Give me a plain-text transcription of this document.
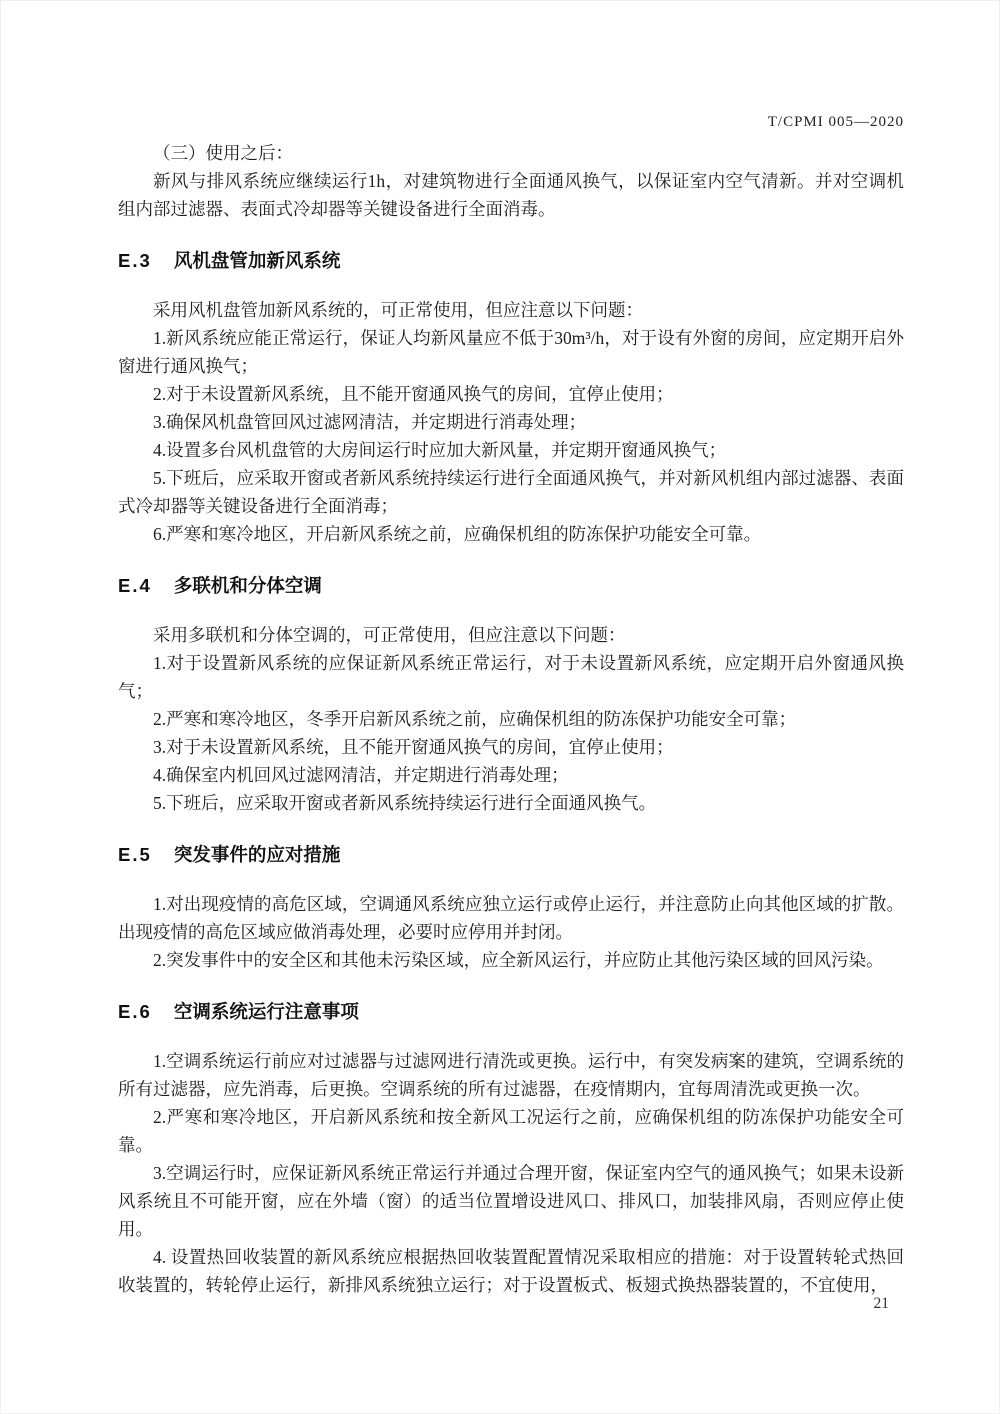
T/CPMI 005—2020

（三）使用之后：

新风与排风系统应继续运行1h，对建筑物进行全面通风换气，以保证室内空气清新。并对空调机组内部过滤器、表面式冷却器等关键设备进行全面消毒。

E.3 风机盘管加新风系统

采用风机盘管加新风系统的，可正常使用，但应注意以下问题：

1.新风系统应能正常运行，保证人均新风量应不低于30m³/h，对于设有外窗的房间，应定期开启外窗进行通风换气；

2.对于未设置新风系统，且不能开窗通风换气的房间，宜停止使用；

3.确保风机盘管回风过滤网清洁，并定期进行消毒处理；

4.设置多台风机盘管的大房间运行时应加大新风量，并定期开窗通风换气；

5.下班后，应采取开窗或者新风系统持续运行进行全面通风换气，并对新风机组内部过滤器、表面式冷却器等关键设备进行全面消毒；

6.严寒和寒冷地区，开启新风系统之前，应确保机组的防冻保护功能安全可靠。

E.4 多联机和分体空调

采用多联机和分体空调的，可正常使用，但应注意以下问题：

1.对于设置新风系统的应保证新风系统正常运行，对于未设置新风系统，应定期开启外窗通风换气；

2.严寒和寒冷地区，冬季开启新风系统之前，应确保机组的防冻保护功能安全可靠；

3.对于未设置新风系统，且不能开窗通风换气的房间，宜停止使用；

4.确保室内机回风过滤网清洁，并定期进行消毒处理；

5.下班后，应采取开窗或者新风系统持续运行进行全面通风换气。

E.5 突发事件的应对措施

1.对出现疫情的高危区域，空调通风系统应独立运行或停止运行，并注意防止向其他区域的扩散。出现疫情的高危区域应做消毒处理，必要时应停用并封闭。

2.突发事件中的安全区和其他未污染区域，应全新风运行，并应防止其他污染区域的回风污染。

E.6 空调系统运行注意事项

1.空调系统运行前应对过滤器与过滤网进行清洗或更换。运行中，有突发病案的建筑，空调系统的所有过滤器，应先消毒，后更换。空调系统的所有过滤器，在疫情期内，宜每周清洗或更换一次。

2.严寒和寒冷地区，开启新风系统和按全新风工况运行之前，应确保机组的防冻保护功能安全可靠。

3.空调运行时，应保证新风系统正常运行并通过合理开窗，保证室内空气的通风换气；如果未设新风系统且不可能开窗，应在外墙（窗）的适当位置增设进风口、排风口，加装排风扇，否则应停止使用。

4. 设置热回收装置的新风系统应根据热回收装置配置情况采取相应的措施：对于设置转轮式热回收装置的，转轮停止运行，新排风系统独立运行；对于设置板式、板翅式换热器装置的，不宜使用，

21
